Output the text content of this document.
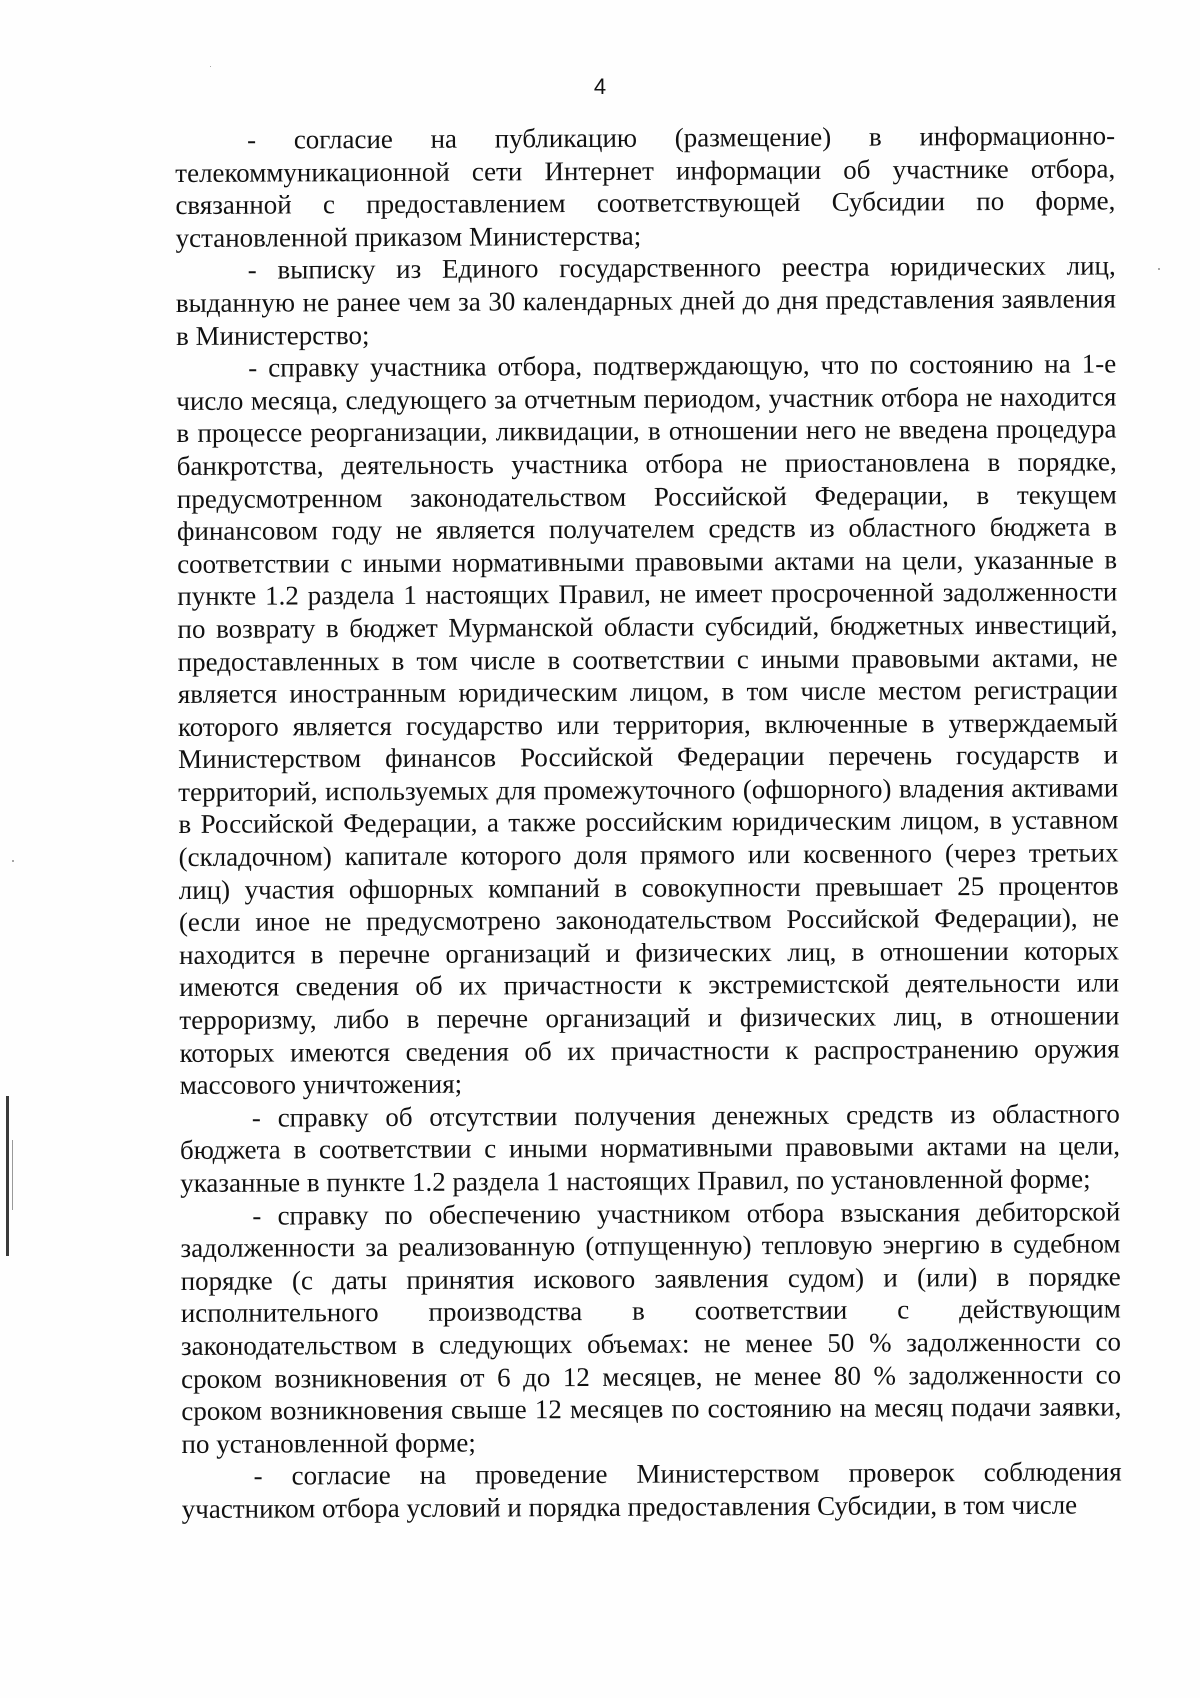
4

- согласие на публикацию (размещение) в информационно-телекоммуникационной сети Интернет информации об участнике отбора, связанной с предоставлением соответствующей Субсидии по форме, установленной приказом Министерства;

- выписку из Единого государственного реестра юридических лиц, выданную не ранее чем за 30 календарных дней до дня представления заявления в Министерство;

- справку участника отбора, подтверждающую, что по состоянию на 1-е число месяца, следующего за отчетным периодом, участник отбора не находится в процессе реорганизации, ликвидации, в отношении него не введена процедура банкротства, деятельность участника отбора не приостановлена в порядке, предусмотренном законодательством Российской Федерации, в текущем финансовом году не является получателем средств из областного бюджета в соответствии с иными нормативными правовыми актами на цели, указанные в пункте 1.2 раздела 1 настоящих Правил, не имеет просроченной задолженности по возврату в бюджет Мурманской области субсидий, бюджетных инвестиций, предоставленных в том числе в соответствии с иными правовыми актами, не является иностранным юридическим лицом, в том числе местом регистрации которого является государство или территория, включенные в утверждаемый Министерством финансов Российской Федерации перечень государств и территорий, используемых для промежуточного (офшорного) владения активами в Российской Федерации, а также российским юридическим лицом, в уставном (складочном) капитале которого доля прямого или косвенного (через третьих лиц) участия офшорных компаний в совокупности превышает 25 процентов (если иное не предусмотрено законодательством Российской Федерации), не находится в перечне организаций и физических лиц, в отношении которых имеются сведения об их причастности к экстремистской деятельности или терроризму, либо в перечне организаций и физических лиц, в отношении которых имеются сведения об их причастности к распространению оружия массового уничтожения;

- справку об отсутствии получения денежных средств из областного бюджета в соответствии с иными нормативными правовыми актами на цели, указанные в пункте 1.2 раздела 1 настоящих Правил, по установленной форме;

- справку по обеспечению участником отбора взыскания дебиторской задолженности за реализованную (отпущенную) тепловую энергию в судебном порядке (с даты принятия искового заявления судом) и (или) в порядке исполнительного производства в соответствии с действующим законодательством в следующих объемах: не менее 50 % задолженности со сроком возникновения от 6 до 12 месяцев, не менее 80 % задолженности со сроком возникновения свыше 12 месяцев по состоянию на месяц подачи заявки, по установленной форме;

- согласие на проведение Министерством проверок соблюдения участником отбора условий и порядка предоставления Субсидии, в том числе
